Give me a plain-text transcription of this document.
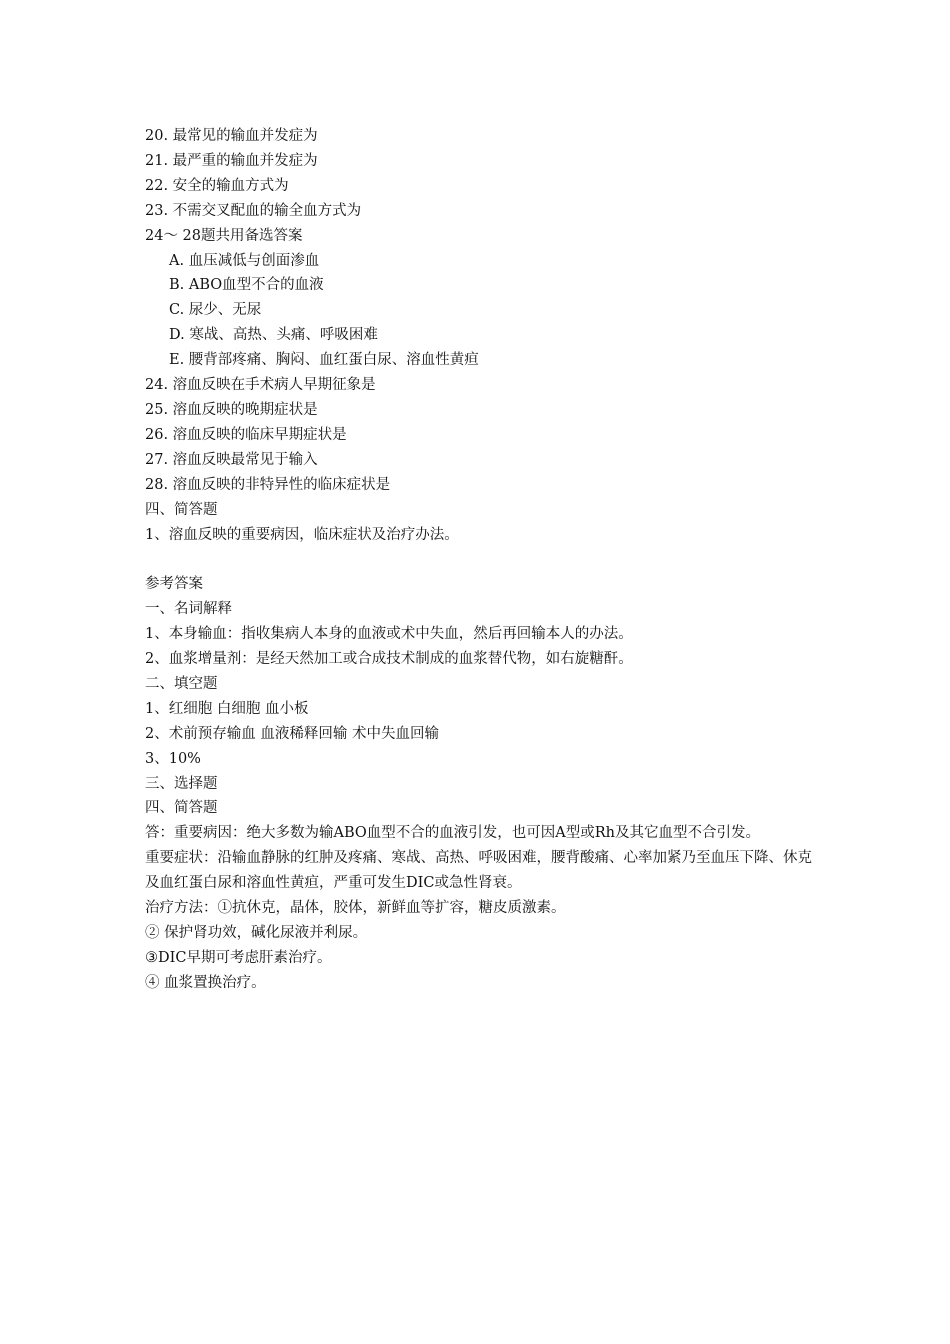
20. 最常见的输血并发症为
21. 最严重的输血并发症为
22. 安全的输血方式为
23. 不需交叉配血的输全血方式为
24～ 28题共用备选答案
A. 血压减低与创面渗血
B. ABO血型不合的血液
C. 尿少、无尿
D. 寒战、高热、头痛、呼吸困难
E. 腰背部疼痛、胸闷、血红蛋白尿、溶血性黄疸
24. 溶血反映在手术病人早期征象是
25. 溶血反映的晚期症状是
26. 溶血反映的临床早期症状是
27. 溶血反映最常见于输入
28. 溶血反映的非特异性的临床症状是
四、简答题
1、溶血反映的重要病因，临床症状及治疗办法。
参考答案
一、名词解释
1、本身输血：指收集病人本身的血液或术中失血，然后再回输本人的办法。
2、血浆增量剂：是经天然加工或合成技术制成的血浆替代物，如右旋糖酐。
二、填空题
1、红细胞 白细胞 血小板
2、术前预存输血 血液稀释回输 术中失血回输
3、10%
三、选择题
四、简答题
答：重要病因：绝大多数为输ABO血型不合的血液引发，也可因A型或Rh及其它血型不合引发。
重要症状：沿输血静脉的红肿及疼痛、寒战、高热、呼吸困难，腰背酸痛、心率加紧乃至血压下降、休克及血红蛋白尿和溶血性黄疸，严重可发生DIC或急性肾衰。
治疗方法：①抗休克，晶体，胶体，新鲜血等扩容，糖皮质激素。
② 保护肾功效，碱化尿液并利尿。
③DIC早期可考虑肝素治疗。
④ 血浆置换治疗。
